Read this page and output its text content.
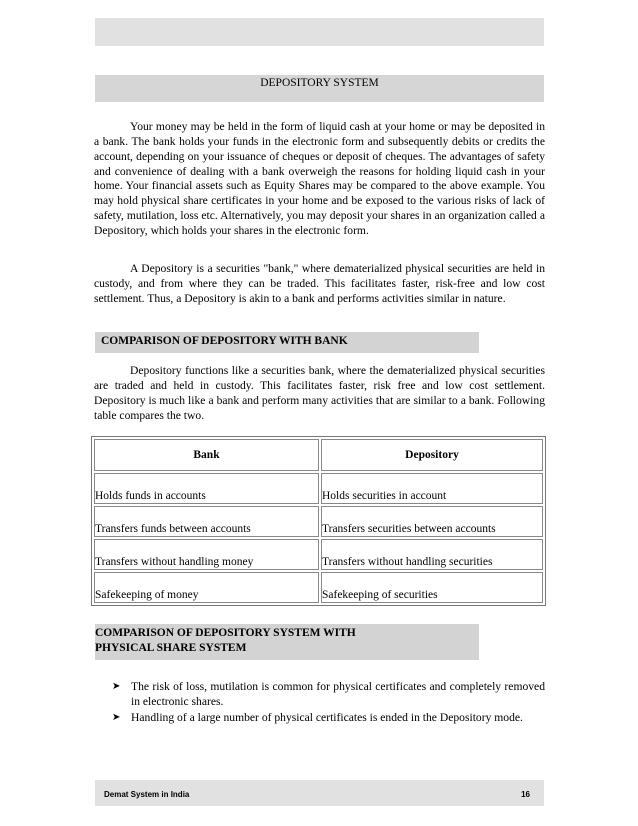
DEPOSITORY SYSTEM

Your money may be held in the form of liquid cash at your home or may be deposited in a bank. The bank holds your funds in the electronic form and subsequently debits or credits the account, depending on your issuance of cheques or deposit of cheques. The advantages of safety and convenience of dealing with a bank overweigh the reasons for holding liquid cash in your home. Your financial assets such as Equity Shares may be compared to the above example. You may hold physical share certificates in your home and be exposed to the various risks of lack of safety, mutilation, loss etc. Alternatively, you may deposit your shares in an organization called a Depository, which holds your shares in the electronic form.

A Depository is a securities "bank," where dematerialized physical securities are held in custody, and from where they can be traded. This facilitates faster, risk-free and low cost settlement. Thus, a Depository is akin to a bank and performs activities similar in nature.

COMPARISON OF DEPOSITORY WITH BANK

Depository functions like a securities bank, where the dematerialized physical securities are traded and held in custody. This facilitates faster, risk free and low cost settlement. Depository is much like a bank and perform many activities that are similar to a bank. Following table compares the two.

Bank	Depository

Holds funds in accounts	Holds securities in account

Transfers funds between accounts	Transfers securities between accounts

Transfers without handling money	Transfers without handling securities

Safekeeping of money	Safekeeping of securities
COMPARISON OF DEPOSITORY SYSTEM WITH
PHYSICAL SHARE SYSTEM
➤ The risk of loss, mutilation is common for physical certificates and completely removed in electronic shares.
➤ Handling of a large number of physical certificates is ended in the Depository mode.
Demat System in India	16
